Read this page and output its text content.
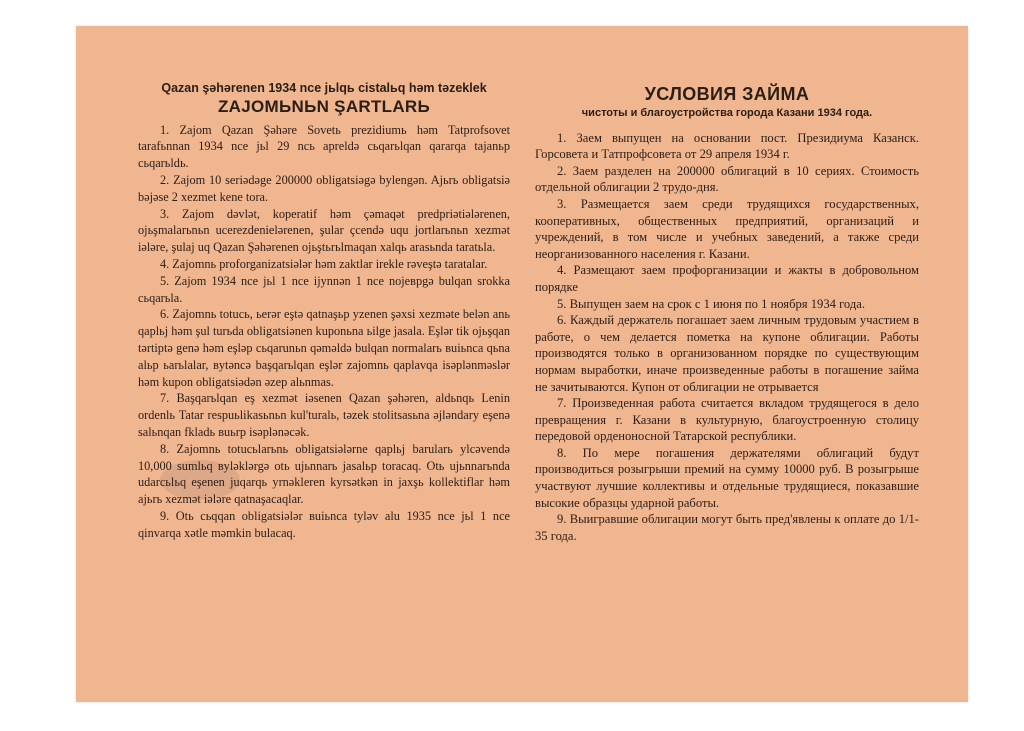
Qazan şəhərenen 1934 nce jьlqь cistalьq həm təzeklek
ZAJOMЬNЬN ŞARTLARЬ

1. Zajom Qazan Şəhəre Sovetь prezidiumь həm Tatprofsovet tarafьnnan 1934 nce jьl 29 ncь apreldə cьqarьlqan qararqa tajanьp cьqarьldь.

2. Zajom 10 seriədəge 200000 obligatsiəgə bylengən. Ajьrь obligatsiə bəjəse 2 xezmet kene tora.

3. Zajom dəvlət, koperatif həm çəmaqət predpriətiələrenen, ojьşmalarьnьn ucerezdenielərenen, şular çcendə uqu jortlarьnьn xezmət iələre, şulaj uq Qazan Şəhərenen ojьştьrьlmaqan xalqь arasьnda taratьla.

4. Zajomnь proforganizatsiələr həm zaktlar irekle rəveştə taratalar.

5. Zajom 1934 nce jьl 1 nce ijynnən 1 nce nojeврgə bulqan srokka cьqarьla.

6. Zajomnь totucь, ьerər eştə qatnaşьp yzenen şəxsi xezmətе belən anь qaplьj həm şul turьda obligatsiənen kuponьna ьilge jasala. Eşlər tik ojьşqan tərtiptə genə həm eşləp cьqarunьn qəməldə bulqan normalarь вuiьnca qьna alьp ьarьlalar, вytəncə başqarьlqan eşlər zajomnь qaplavqa isəplənməslər həm kupon obligatsiədən əzep alьnmas.

7. Başqarьlqan eş xezmət iəsenen Qazan şəhəren, aldьnqь Lenin ordenlь Tatar respuьlikasьnьn kul'turalь, təzek stolitsasьna əjləndary eşenə salьnqan fkladь вuьrp isəplənəcək.

8. Zajomnь totucьlarьnь obligatsiələrne qaplьj barularь ylcəvendə 10,000 sumlьq вylək​lərgə otь ujьnnarь jasalьp toracaq. Otь ujьnnarьnda udarcьlьq eşenen juqarqь yrnəkleren kyrsətkən in jaxşь kollektiflar həm ajьrь xezmət iələre qatnaşacaqlar.

9. Otь cьqqan obligatsiələr вuiьnca tyləv alu 1935 nce jьl 1 nce qinvarqa xətle məmkin bulacaq.

УСЛОВИЯ ЗАЙМА
чистоты и благоустройства города Казани 1934 года.

1. Заем выпущен на основании пост. Президиума Казанск. Горсовета и Татпрофсовета от 29 апреля 1934 г.

2. Заем разделен на 200000 облигаций в 10 сериях. Стоимость отдельной облигации 2 трудо-дня.

3. Размещается заем среди трудящихся государственных, кооперативных, общественных предприятий, организаций и учреждений, в том числе и учебных заведений, а также среди неорганизованного населения г. Казани.

4. Размещают заем профорганизации и жакты в добровольном порядке

5. Выпущен заем на срок с 1 июня по 1 ноября 1934 года.

6. Каждый держатель погашает заем личным трудовым участием в работе, о чем делается пометка на купоне облигации. Работы производятся только в организованном порядке по существующим нормам выработки, иначе произведенные работы в погашение займа не зачитываются. Купон от облигации не отрывается

7. Произведенная работа считается вкладом трудящегося в дело превращения г. Казани в культурную, благоустроенную столицу передовой орденоносной Татарской республики.

8. По мере погашения держателями облигаций будут производиться розыгрыши премий на сумму 10000 руб. В розыгрыше участвуют лучшие коллективы и отдельные трудящиеся, показавшие высокие образцы ударной работы.

9. Выигравшие облигации могут быть пред'явлены к оплате до 1/1-35 года.
